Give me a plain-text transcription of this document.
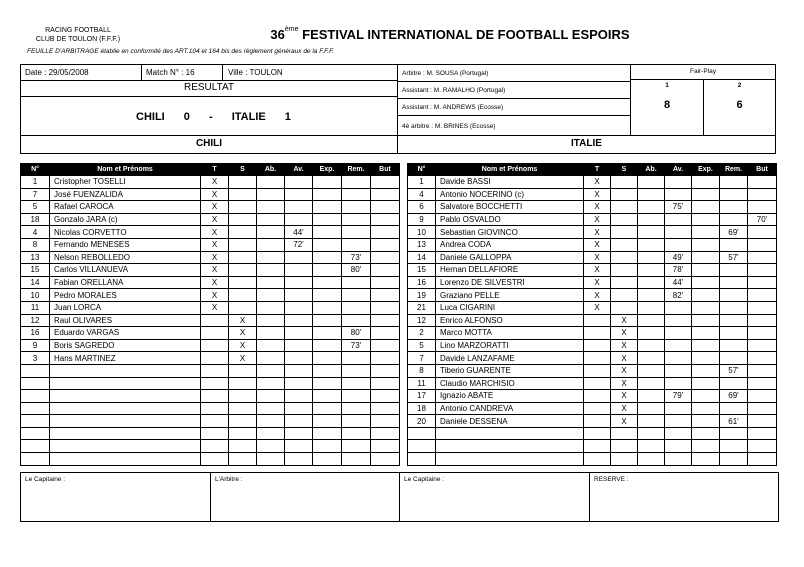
RACING FOOTBALL
CLUB DE TOULON (F.F.F.)	36ème FESTIVAL INTERNATIONAL DE FOOTBALL ESPOIRS
FEUILLE D'ARBITRAGE établie en conformité des ART.104 et 164 bis des règlement généraux de la F.F.F.
Date : 29/05/2008	Match N° : 16	Ville : TOULON
RESULTAT
CHILI 0 - ITALIE 1
Arbitre : M. SOUSA (Portugal)
Assistant : M. RAMALHO (Portugal)
Assistant : M. ANDREWS (Ecosse)
4è arbitre : M. BRINES (Ecosse)
Fair-Play
1	2
8	6
CHILI	ITALIE
N°	Nom et Prénoms	T	S	Ab.	Av.	Exp.	Rem.	But
1	Cristopher TOSELLI	X						
7	José FUENZALIDA	X						
5	Rafael CAROCA	X						
18	Gonzalo JARA (c)	X						
4	Nicolas CORVETTO	X			44'			
8	Fernando MENESES	X			72'			
13	Nelson REBOLLEDO	X					73'	
15	Carlos VILLANUEVA	X					80'	
14	Fabian ORELLANA	X						
10	Pedro MORALES	X						
11	Juan LORCA	X						
12	Raul OLIVARES		X					
16	Eduardo VARGAS		X				80'	
9	Boris SAGREDO		X				73'	
3	Hans MARTINEZ		X					

N°	Nom et Prénoms	T	S	Ab.	Av.	Exp.	Rem.	But
1	Davide BASSI	X						
4	Antonio NOCERINO (c)	X						
6	Salvatore BOCCHETTI	X			75'			
9	Pablo OSVALDO	X						70'
10	Sebastian GIOVINCO	X					69'	
13	Andrea CODA	X						
14	Daniele GALLOPPA	X			49'		57'	
15	Hernan DELLAFIORE	X			78'			
16	Lorenzo DE SILVESTRI	X			44'			
19	Graziano PELLE	X			82'			
21	Luca CIGARINI	X						
12	Enrico ALFONSO		X					
2	Marco MOTTA		X					
5	Lino MARZORATTI		X					
7	Davide LANZAFAME		X					
8	Tiberio GUARENTE		X				57'	
11	Claudio MARCHISIO		X					
17	Ignazio ABATE		X		79'		69'	
18	Antonio CANDREVA		X					
20	Daniele DESSENA		X				61'	

Le Capitaine :	L'Arbitre :	Le Capitaine :	RESERVE :
